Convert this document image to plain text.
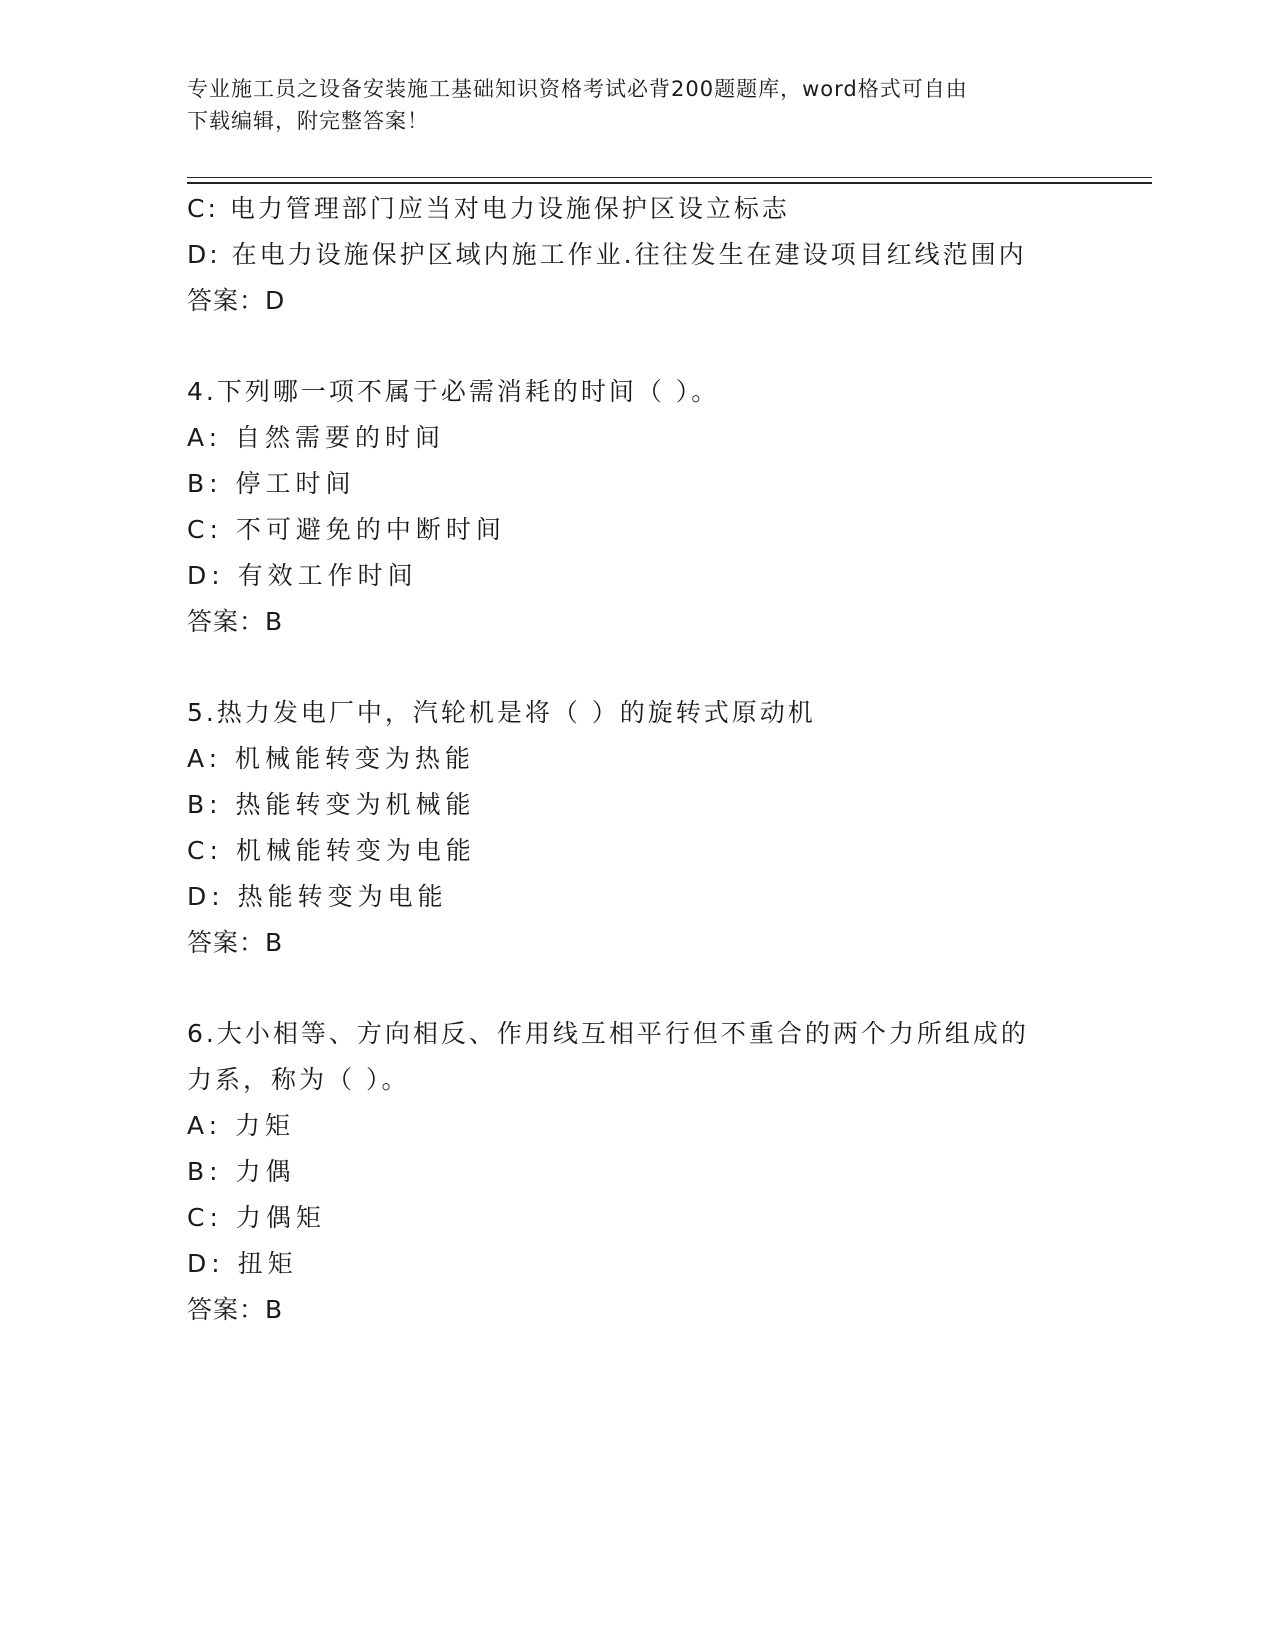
专业施工员之设备安装施工基础知识资格考试必背200题题库，word格式可自由
下载编辑，附完整答案！
C: 电力管理部门应当对电力设施保护区设立标志
D: 在电力设施保护区域内施工作业.往往发生在建设项目红线范围内
答案：D
4.下列哪一项不属于必需消耗的时间（ ）。
A: 自然需要的时间
B: 停工时间
C: 不可避免的中断时间
D: 有效工作时间
答案：B
5.热力发电厂中，汽轮机是将（ ）的旋转式原动机
A: 机械能转变为热能
B: 热能转变为机械能
C: 机械能转变为电能
D: 热能转变为电能
答案：B
6.大小相等、方向相反、作用线互相平行但不重合的两个力所组成的
力系，称为（ ）。
A: 力矩
B: 力偶
C: 力偶矩
D: 扭矩
答案：B
